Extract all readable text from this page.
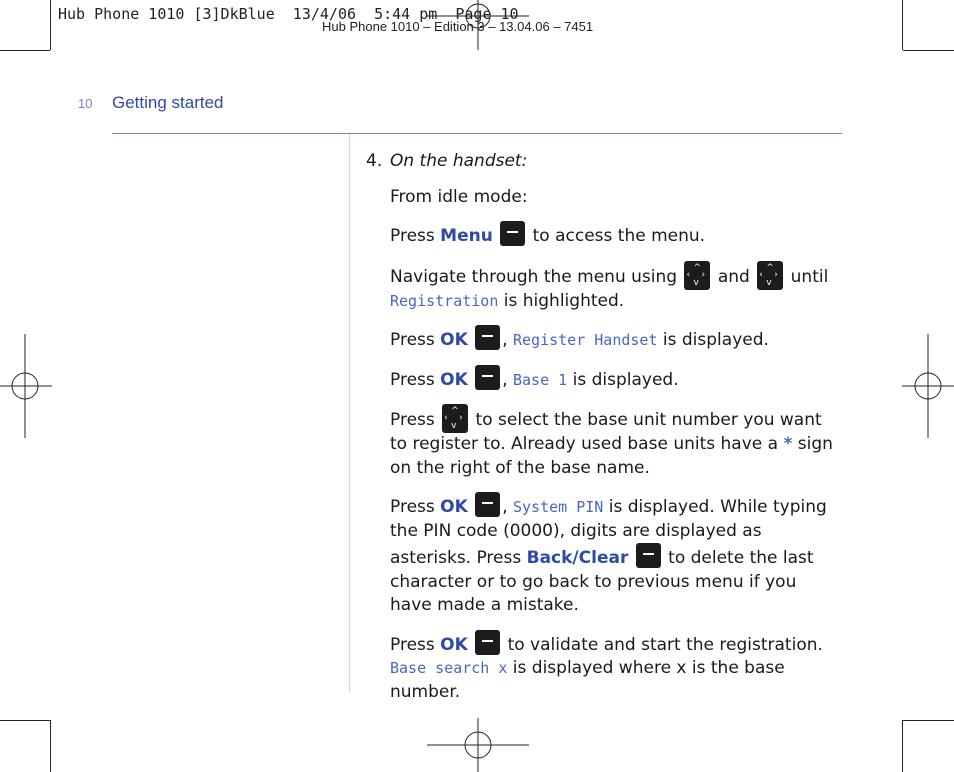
Hub Phone 1010 [3]DkBlue  13/4/06  5:44 pm  Page 10
Hub Phone 1010 – Edition 3 – 13.04.06 – 7451
10 Getting started

4. On the handset:

From idle mode:

Press Menu  to access the menu.

Navigate through the menu using ^
v
‹ › and ^
v
‹ › until
Registration is highlighted.

Press OK , Register Handset is displayed.

Press OK , Base 1 is displayed.

Press ^
v
‹ › to select the base unit number you want to register to. Already used base units have a * sign on the right of the base name.

Press OK , System PIN is displayed. While typing the PIN code (0000), digits are displayed as asterisks. Press Back/Clear  to delete the last character or to go back to previous menu if you have made a mistake.

Press OK  to validate and start the registration. Base search x is displayed where x is the base number.
